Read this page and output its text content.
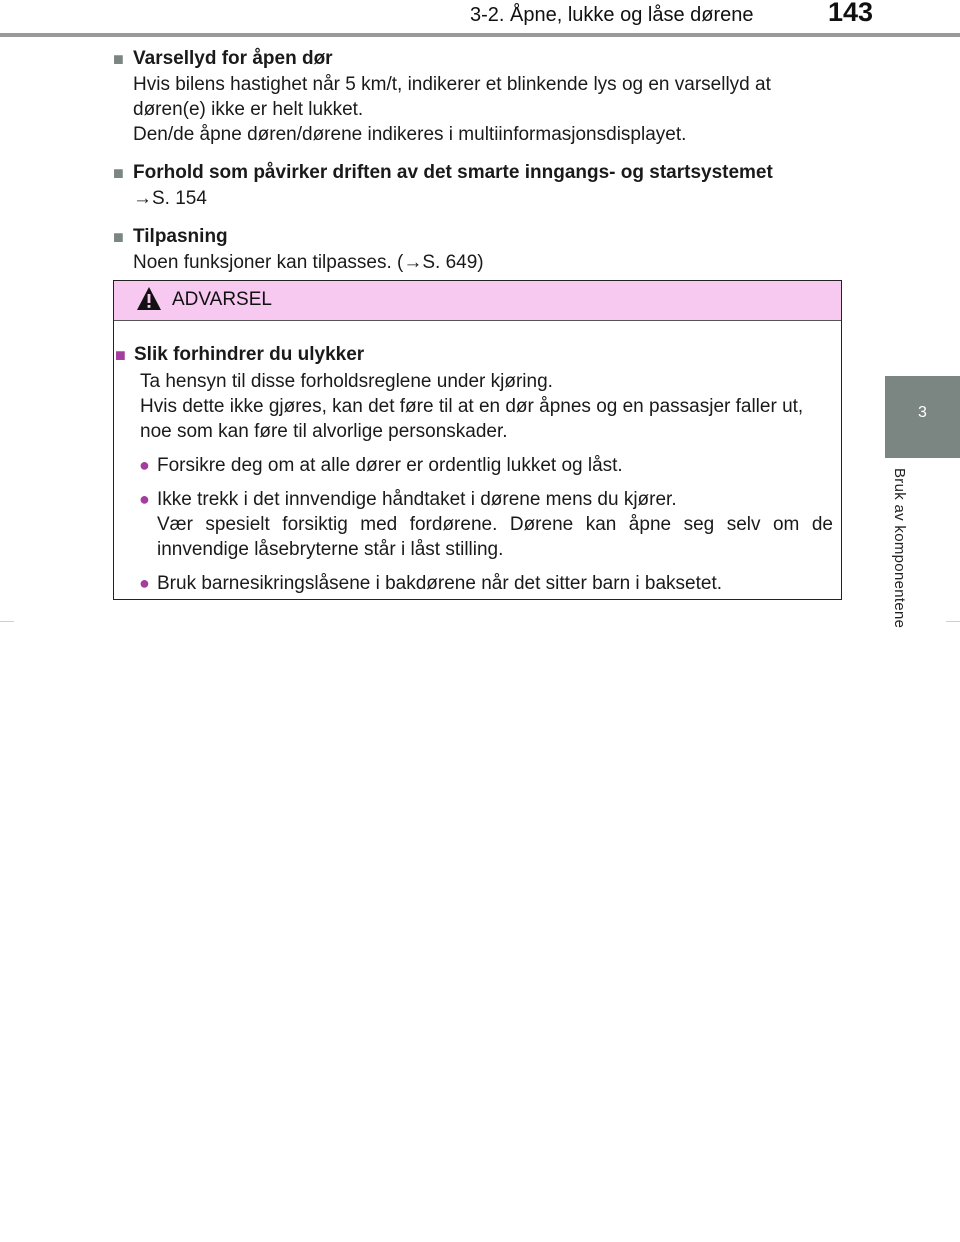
3-2. Åpne, lukke og låse dørene	143
3
Bruk av komponentene
■ Varsellyd for åpen dør
Hvis bilens hastighet når 5 km/t, indikerer et blinkende lys og en varsellyd at døren(e) ikke er helt lukket.
Den/de åpne døren/dørene indikeres i multiinformasjonsdisplayet.
■ Forhold som påvirker driften av det smarte inngangs- og startsystemet
→S. 154
■ Tilpasning
Noen funksjoner kan tilpasses. (→S. 649)
ADVARSEL
■ Slik forhindrer du ulykker
Ta hensyn til disse forholdsreglene under kjøring.
Hvis dette ikke gjøres, kan det føre til at en dør åpnes og en passasjer faller ut, noe som kan føre til alvorlige personskader.
● Forsikre deg om at alle dører er ordentlig lukket og låst.
● Ikke trekk i det innvendige håndtaket i dørene mens du kjører.
Vær spesielt forsiktig med fordørene. Dørene kan åpne seg selv om de innvendige låsebryterne står i låst stilling.
● Bruk barnesikringslåsene i bakdørene når det sitter barn i baksetet.
